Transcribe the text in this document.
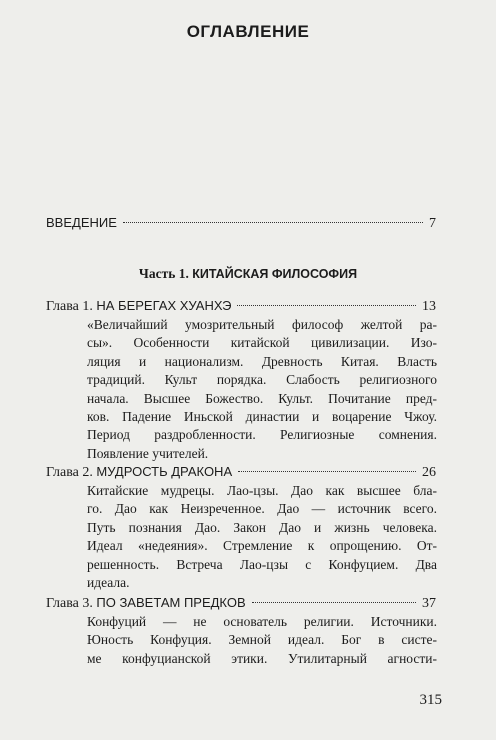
ОГЛАВЛЕНИЕ
ВВЕДЕНИЕ	7
Часть 1. КИТАЙСКАЯ ФИЛОСОФИЯ
Глава 1. НА БЕРЕГАХ ХУАНХЭ	13
«Величайший умозрительный философ желтой ра-
сы». Особенности китайской цивилизации. Изо-
ляция и национализм. Древность Китая. Власть
традиций. Культ порядка. Слабость религиозного
начала. Высшее Божество. Культ. Почитание пред-
ков. Падение Иньской династии и воцарение Чжоу.
Период раздробленности. Религиозные сомнения.
Появление учителей.
Глава 2. МУДРОСТЬ ДРАКОНА	26
Китайские мудрецы. Лао-цзы. Дао как высшее бла-
го. Дао как Неизреченное. Дао — источник всего.
Путь познания Дао. Закон Дао и жизнь человека.
Идеал «недеяния». Стремление к опрощению. От-
решенность. Встреча Лао-цзы с Конфуцием. Два
идеала.
Глава 3. ПО ЗАВЕТАМ ПРЕДКОВ	37
Конфуций — не основатель религии. Источники.
Юность Конфуция. Земной идеал. Бог в систе-
ме конфуцианской этики. Утилитарный агности-
315
